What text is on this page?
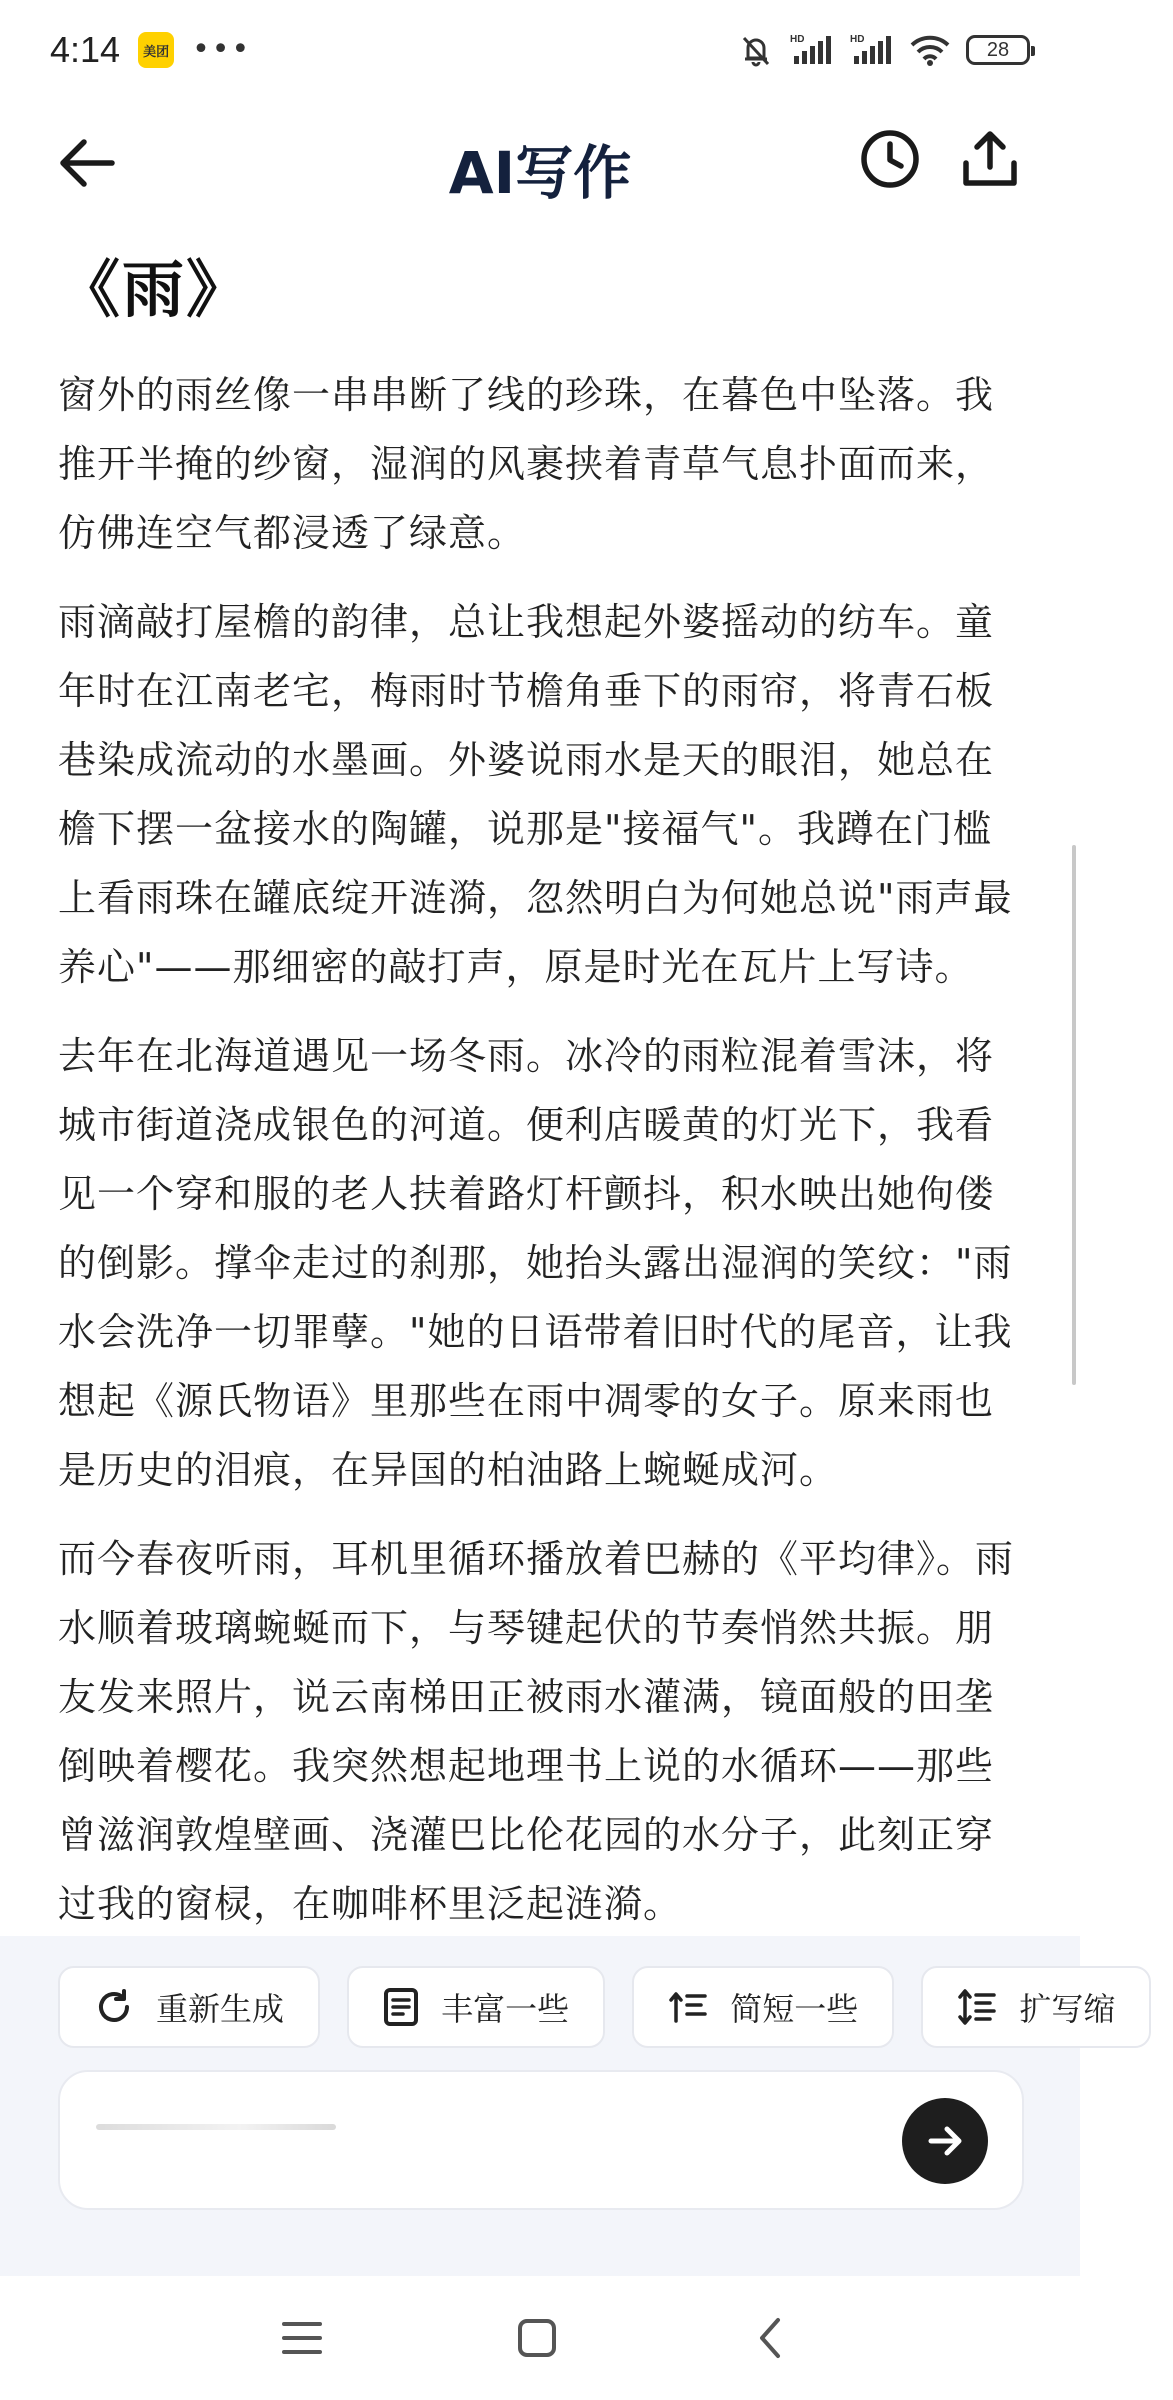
4:14	美团 •••	HD	HD	28
AI写作
《雨》

窗外的雨丝像一串串断了线的珍珠，在暮色中坠落。我推开半掩的纱窗，湿润的风裹挟着青草气息扑面而来，仿佛连空气都浸透了绿意。

雨滴敲打屋檐的韵律，总让我想起外婆摇动的纺车。童年时在江南老宅，梅雨时节檐角垂下的雨帘，将青石板巷染成流动的水墨画。外婆说雨水是天的眼泪，她总在檐下摆一盆接水的陶罐，说那是"接福气"。我蹲在门槛上看雨珠在罐底绽开涟漪，忽然明白为何她总说"雨声最养心"——那细密的敲打声，原是时光在瓦片上写诗。

去年在北海道遇见一场冬雨。冰冷的雨粒混着雪沫，将城市街道浇成银色的河道。便利店暖黄的灯光下，我看见一个穿和服的老人扶着路灯杆颤抖，积水映出她佝偻的倒影。撑伞走过的刹那，她抬头露出湿润的笑纹："雨水会洗净一切罪孽。"她的日语带着旧时代的尾音，让我想起《源氏物语》里那些在雨中凋零的女子。原来雨也是历史的泪痕，在异国的柏油路上蜿蜒成河。

而今春夜听雨，耳机里循环播放着巴赫的《平均律》。雨水顺着玻璃蜿蜒而下，与琴键起伏的节奏悄然共振。朋友发来照片，说云南梯田正被雨水灌满，镜面般的田垄倒映着樱花。我突然想起地理书上说的水循环——那些曾滋润敦煌壁画、浇灌巴比伦花园的水分子，此刻正穿过我的窗棂，在咖啡杯里泛起涟漪。

重新生成
	丰富一些
	简短一些
	扩写缩
